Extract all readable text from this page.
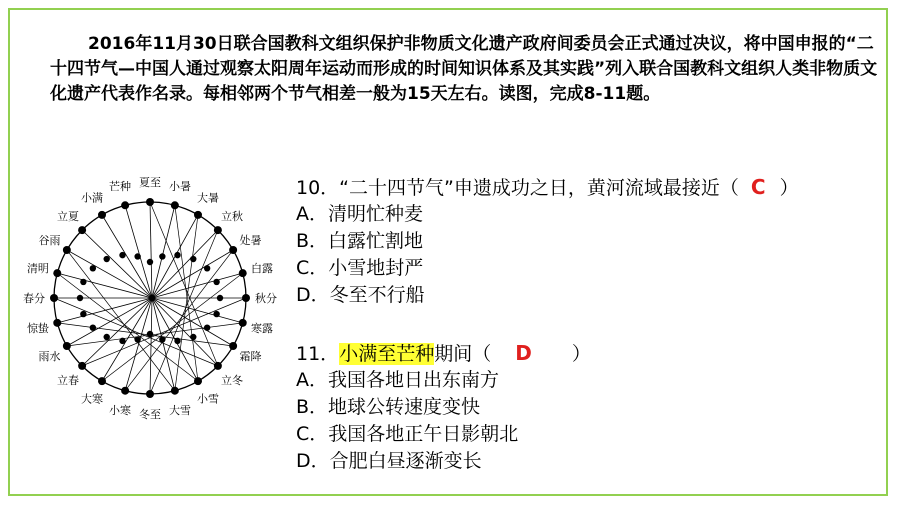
2016年11月30日联合国教科文组织保护非物质文化遗产政府间委员会正式通过决议，将中国申报的“二十四节气—中国人通过观察太阳周年运动而形成的时间知识体系及其实践”列入联合国教科文组织人类非物质文化遗产代表作名录。每相邻两个节气相差一般为15天左右。读图，完成8-11题。
夏至 小暑
大暑
立秋
处暑
白露
秋分
寒露
霜降
立冬
小雪
大雪
冬至
小寒
大寒
立春
雨水
惊蛰
春分
清明
谷雨
立夏
小满
芒种	10．“二十四节气”申遗成功之日，黄河流域最接近（ C ）
A．清明忙种麦
B．白露忙割地
C．小雪地封严
D．冬至不行船
11．小满至芒种期间（ D ）
A．我国各地日出东南方
B．地球公转速度变快
C．我国各地正午日影朝北
D．合肥白昼逐渐变长
